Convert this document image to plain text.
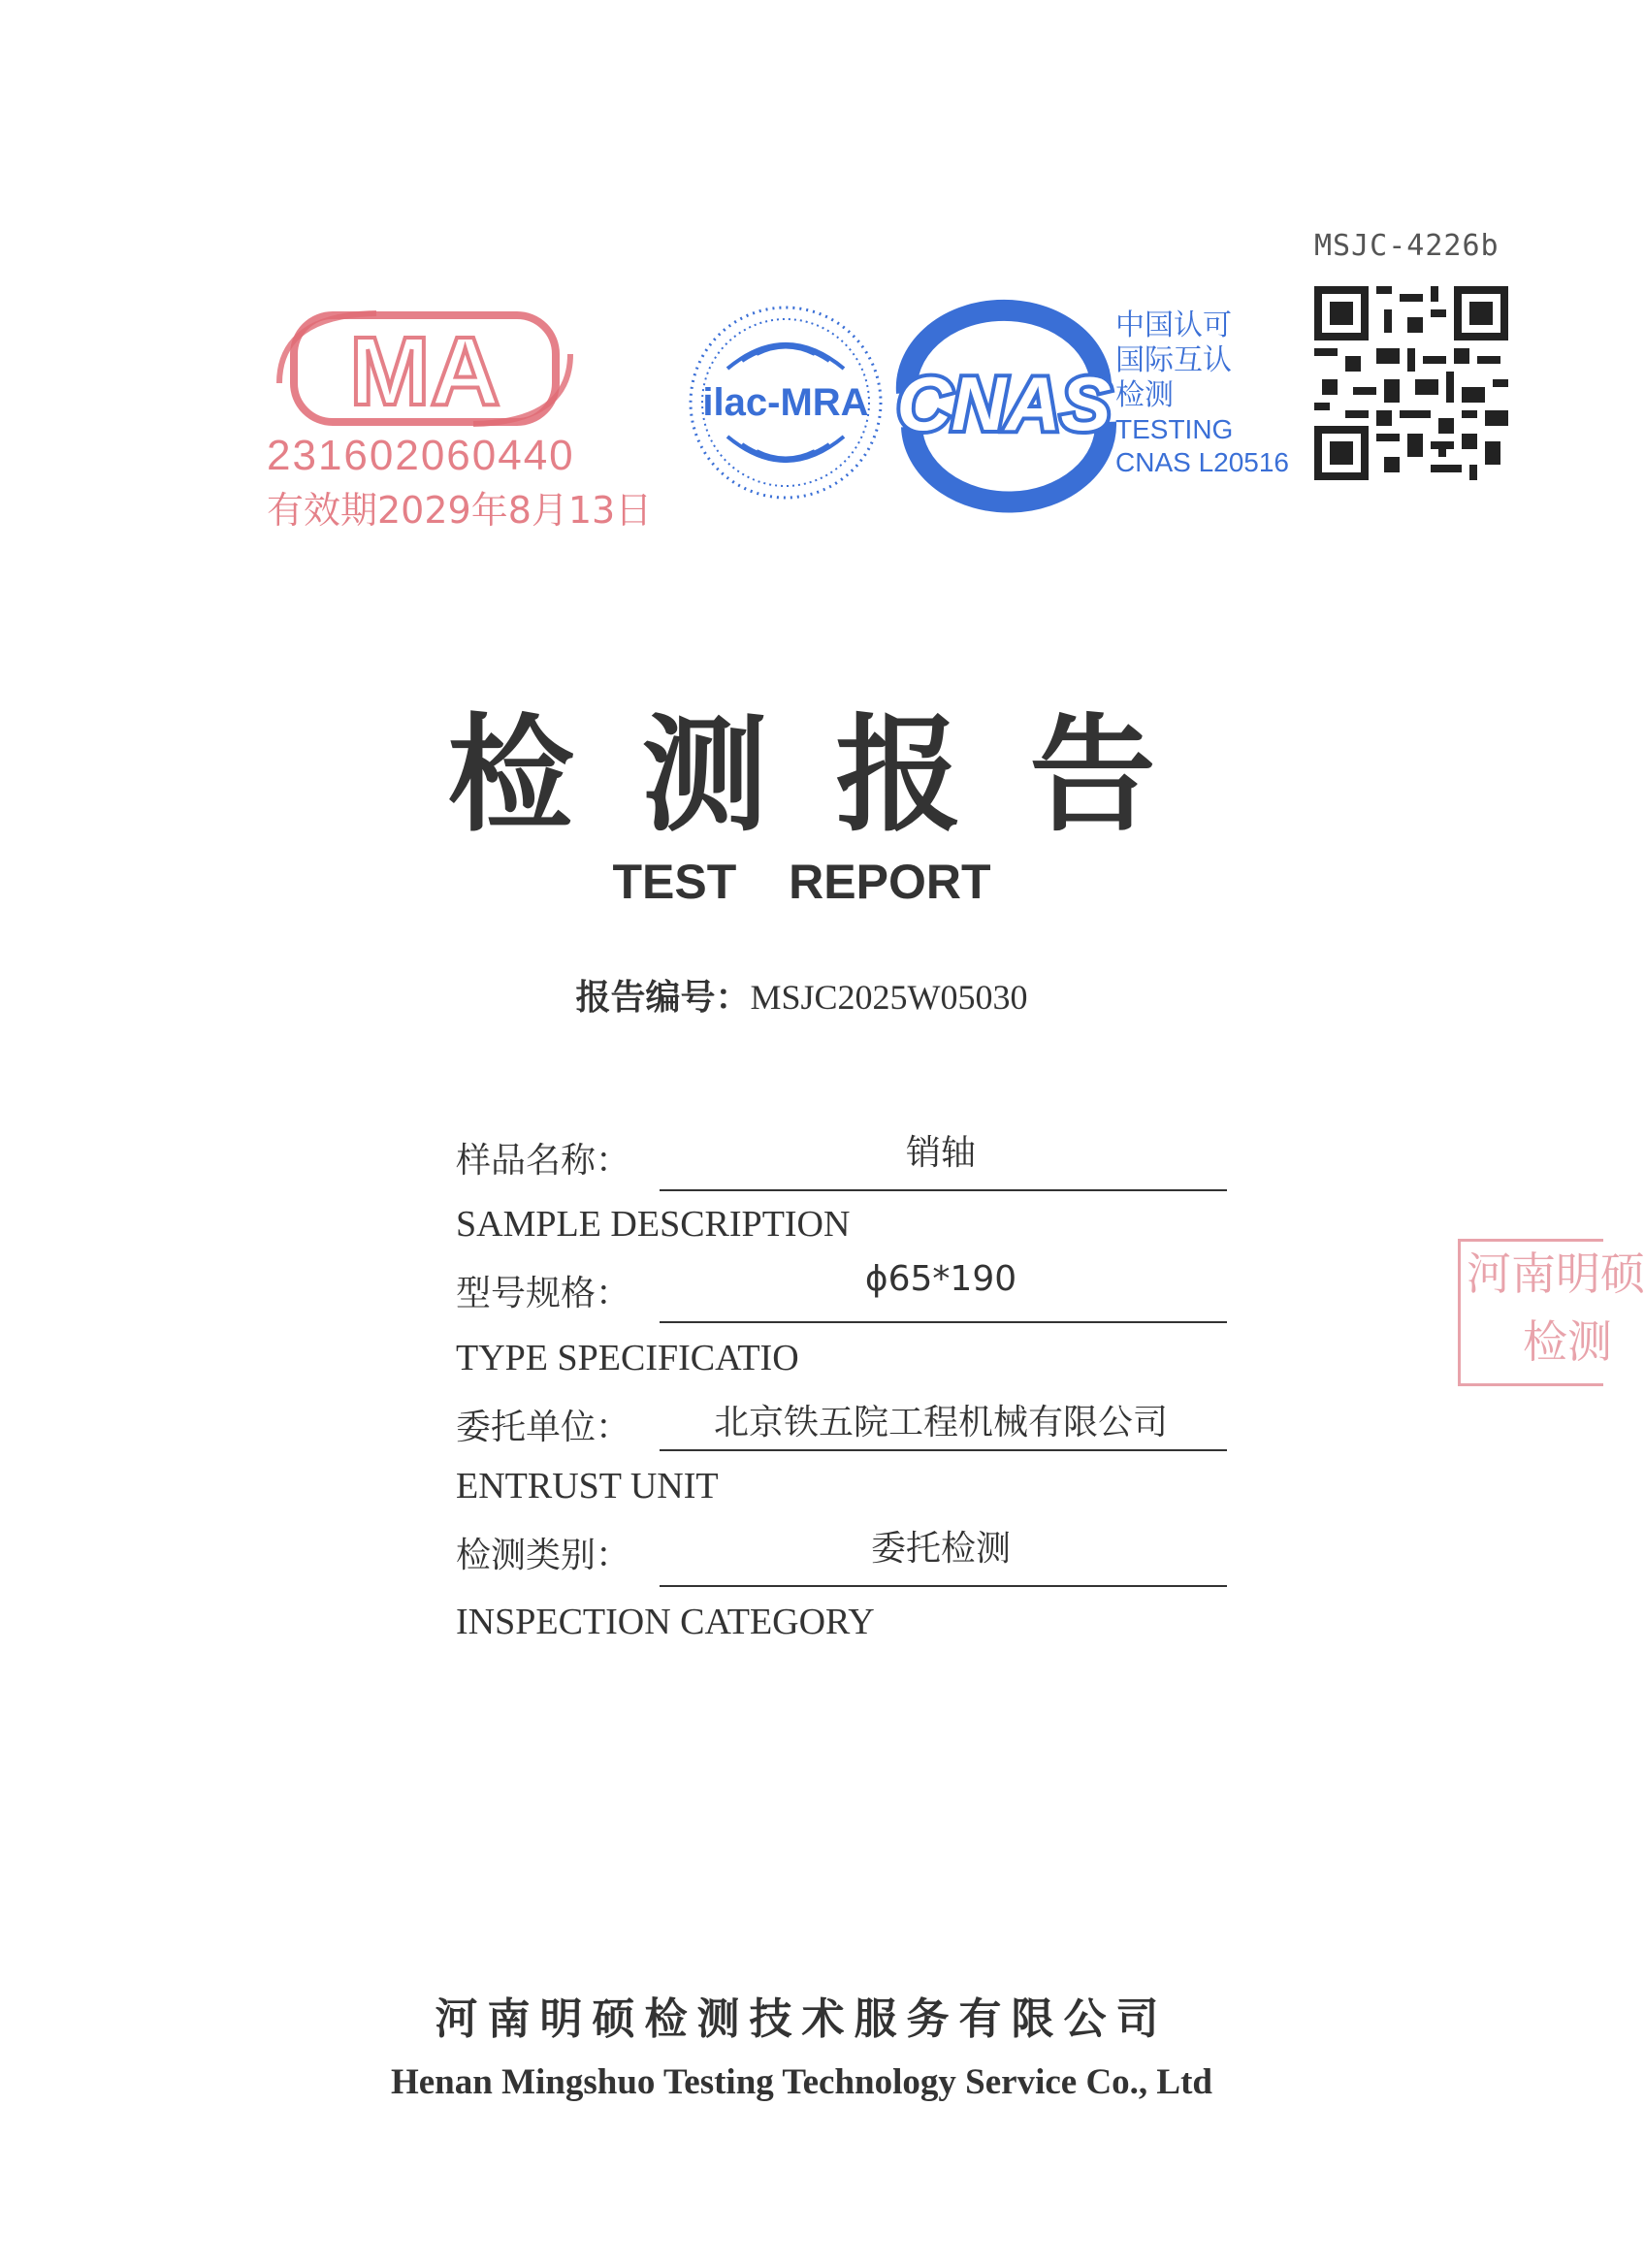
MSJC-4226b
MA
231602060440
有效期2029年8月13日
ilac-MRA CNAS
中国认可
国际互认
检测
TESTING
CNAS L20516
河南明硕
检测
检测报告
TEST REPORT
报告编号：MSJC2025W05030
样品名称：	销轴
SAMPLE DESCRIPTION
型号规格：	ϕ65*190
TYPE SPECIFICATIO
委托单位：	北京铁五院工程机械有限公司
ENTRUST UNIT
检测类别：	委托检测
INSPECTION CATEGORY
河南明硕检测技术服务有限公司
Henan Mingshuo Testing Technology Service Co., Ltd
